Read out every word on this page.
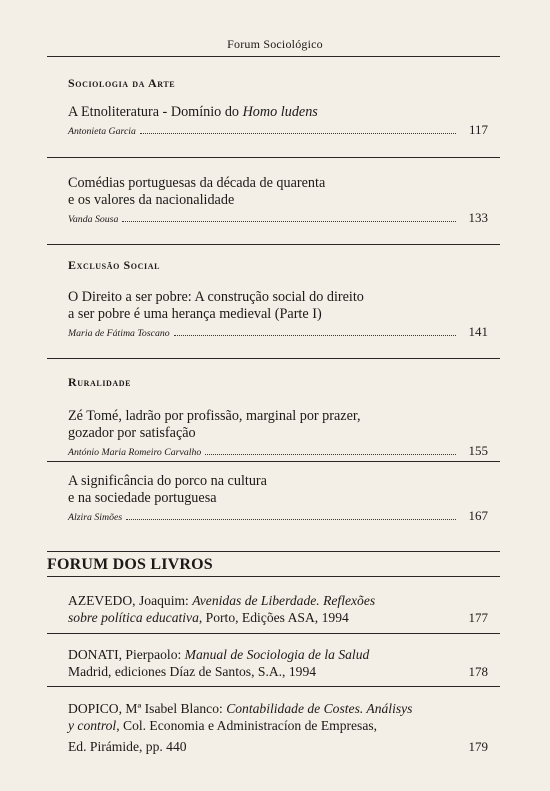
Forum Sociológico
Sociologia da Arte
A Etnoliteratura - Domínio do Homo ludens
Antonieta Garcia	117
Comédias portuguesas da década de quarenta
e os valores da nacionalidade
Vanda Sousa	133
Exclusão Social
O Direito a ser pobre: A construção social do direito
a ser pobre é uma herança medieval (Parte I)
Maria de Fátima Toscano	141
Ruralidade
Zé Tomé, ladrão por profissão, marginal por prazer,
gozador por satisfação
António Maria Romeiro Carvalho	155
A significância do porco na cultura
e na sociedade portuguesa
Alzira Simões	167
FORUM DOS LIVROS
AZEVEDO, Joaquim: Avenidas de Liberdade. Reflexões
sobre política educativa, Porto, Edições ASA, 1994	177
DONATI, Pierpaolo: Manual de Sociologia de la Salud
Madrid, ediciones Díaz de Santos, S.A., 1994	178
DOPICO, Mª Isabel Blanco: Contabilidade de Costes. Análisys
y control, Col. Economia e Administracíon de Empresas,
Ed. Pirámide, pp. 440	179
